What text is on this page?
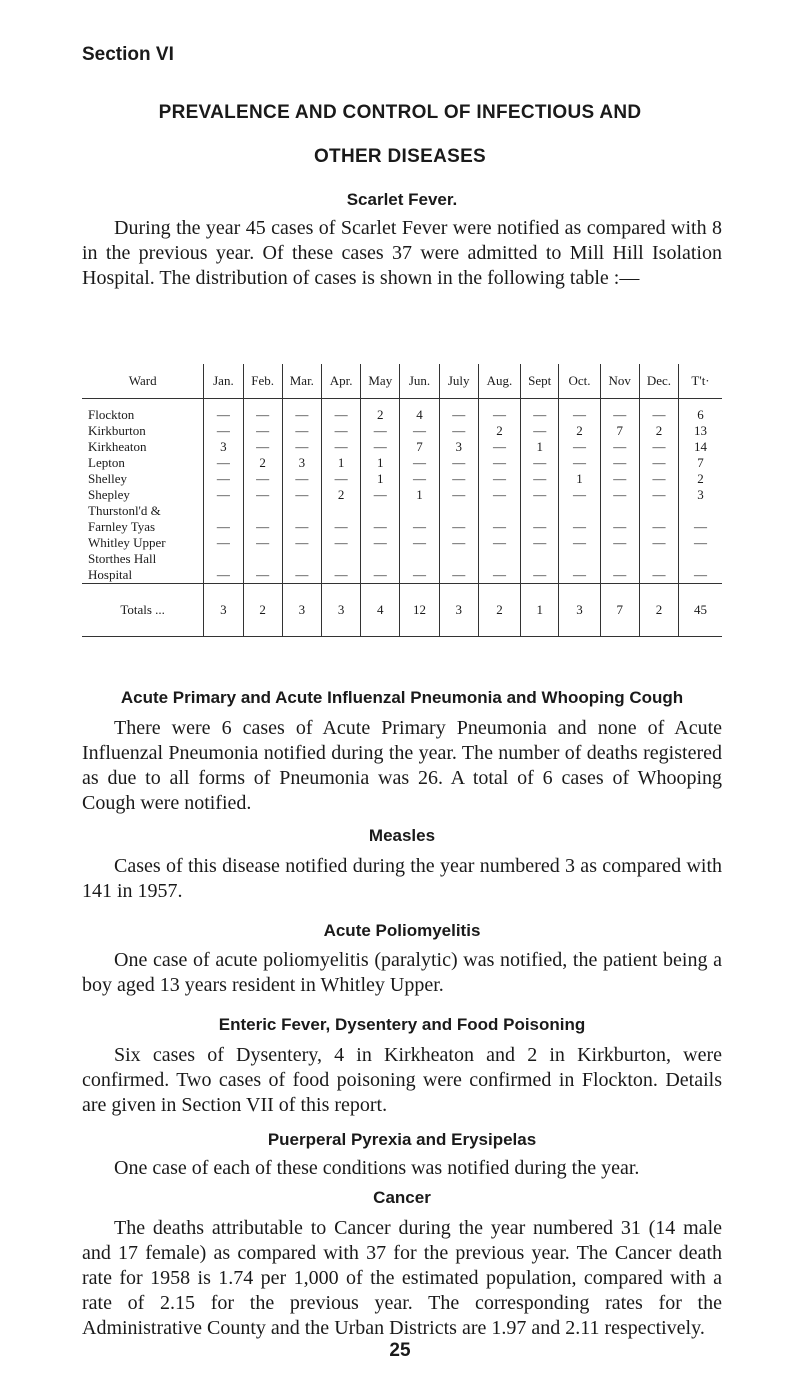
Section VI
PREVALENCE AND CONTROL OF INFECTIOUS AND
OTHER DISEASES
Scarlet Fever.

During the year 45 cases of Scarlet Fever were notified as compared with 8 in the previous year. Of these cases 37 were admitted to Mill Hill Isolation Hospital. The distribution of cases is shown in the following table :—

Ward	Jan.	Feb.	Mar.	Apr.	May	Jun.	July	Aug.	Sept	Oct.	Nov	Dec.	T't·

Flockton	—	—	—	—	2	4	—	—	—	—	—	—	6
Kirkburton	—	—	—	—	—	—	—	2	—	2	7	2	13
Kirkheaton	3	—	—	—	—	7	3	—	1	—	—	—	14
Lepton	—	2	3	1	1	—	—	—	—	—	—	—	7
Shelley	—	—	—	—	1	—	—	—	—	1	—	—	2
Shepley	—	—	—	2	—	1	—	—	—	—	—	—	3
Thurstonl'd &													
Farnley Tyas	—	—	—	—	—	—	—	—	—	—	—	—	—
Whitley Upper	—	—	—	—	—	—	—	—	—	—	—	—	—
Storthes Hall													
Hospital	—	—	—	—	—	—	—	—	—	—	—	—	—

Totals ...	3	2	3	3	4	12	3	2	1	3	7	2	45

Acute Primary and Acute Influenzal Pneumonia and Whooping Cough

There were 6 cases of Acute Primary Pneumonia and none of Acute Influenzal Pneumonia notified during the year. The number of deaths registered as due to all forms of Pneumonia was 26. A total of 6 cases of Whooping Cough were notified.

Measles

Cases of this disease notified during the year numbered 3 as compared with 141 in 1957.

Acute Poliomyelitis

One case of acute poliomyelitis (paralytic) was notified, the patient being a boy aged 13 years resident in Whitley Upper.

Enteric Fever, Dysentery and Food Poisoning

Six cases of Dysentery, 4 in Kirkheaton and 2 in Kirkburton, were confirmed. Two cases of food poisoning were confirmed in Flockton. Details are given in Section VII of this report.

Puerperal Pyrexia and Erysipelas

One case of each of these conditions was notified during the year.

Cancer

The deaths attributable to Cancer during the year numbered 31 (14 male and 17 female) as compared with 37 for the previous year. The Cancer death rate for 1958 is 1.74 per 1,000 of the estimated population, compared with a rate of 2.15 for the previous year. The corresponding rates for the Administrative County and the Urban Districts are 1.97 and 2.11 respectively.

25
